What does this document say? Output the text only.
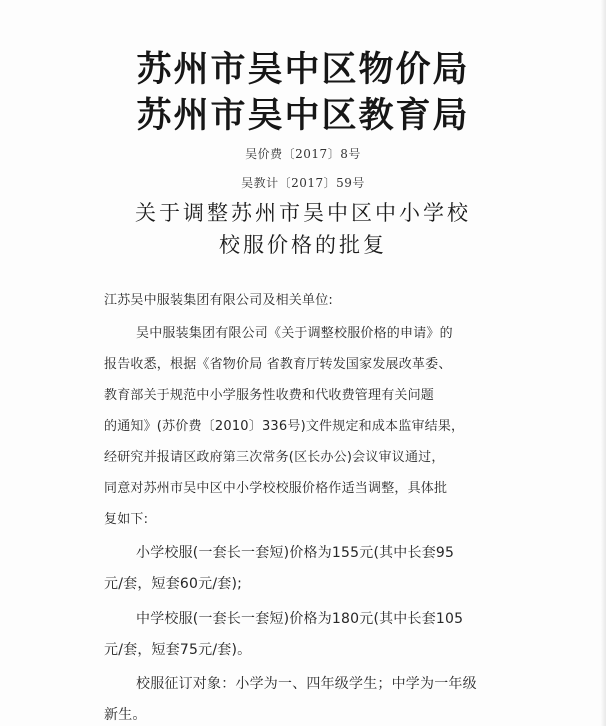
苏州市吴中区物价局
苏州市吴中区教育局
吴价费〔2017〕8号
吴教计〔2017〕59号
关于调整苏州市吴中区中小学校
校服价格的批复
江苏吴中服装集团有限公司及相关单位:
吴中服装集团有限公司《关于调整校服价格的申请》的
报告收悉，根据《省物价局 省教育厅转发国家发展改革委、
教育部关于规范中小学服务性收费和代收费管理有关问题
的通知》(苏价费〔2010〕336号)文件规定和成本监审结果，
经研究并报请区政府第三次常务(区长办公)会议审议通过，
同意对苏州市吴中区中小学校校服价格作适当调整，具体批
复如下:
小学校服(一套长一套短)价格为155元(其中长套95
元/套，短套60元/套);
中学校服(一套长一套短)价格为180元(其中长套105
元/套，短套75元/套)。
校服征订对象：小学为一、四年级学生；中学为一年级
新生。
